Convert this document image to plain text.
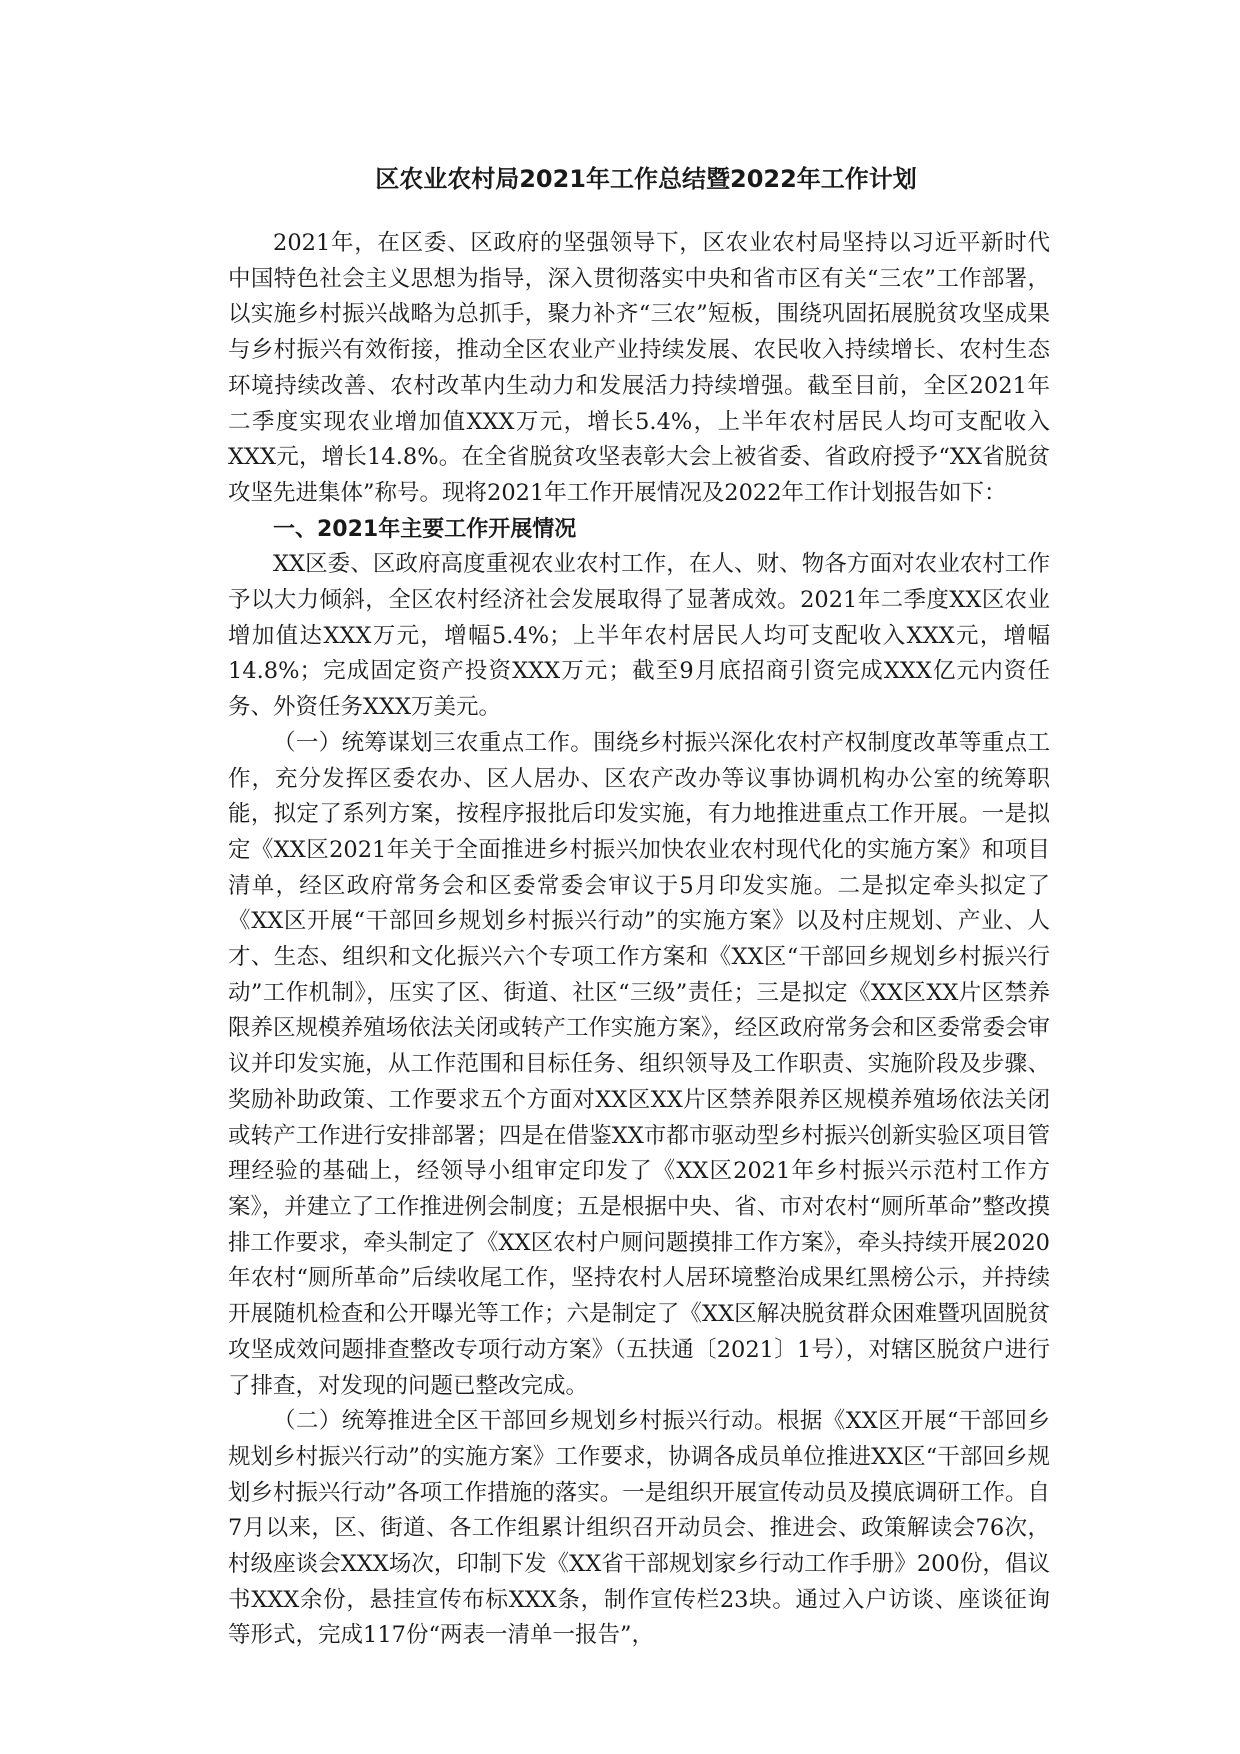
区农业农村局2021年工作总结暨2022年工作计划

2021年，在区委、区政府的坚强领导下，区农业农村局坚持以习近平新时代中国特色社会主义思想为指导，深入贯彻落实中央和省市区有关“三农”工作部署，以实施乡村振兴战略为总抓手，聚力补齐“三农”短板，围绕巩固拓展脱贫攻坚成果与乡村振兴有效衔接，推动全区农业产业持续发展、农民收入持续增长、农村生态环境持续改善、农村改革内生动力和发展活力持续增强。截至目前，全区2021年二季度实现农业增加值XXX万元，增长5.4%，上半年农村居民人均可支配收入XXX元，增长14.8%。在全省脱贫攻坚表彰大会上被省委、省政府授予“XX省脱贫攻坚先进集体”称号。现将2021年工作开展情况及2022年工作计划报告如下：

一、2021年主要工作开展情况

XX区委、区政府高度重视农业农村工作，在人、财、物各方面对农业农村工作予以大力倾斜，全区农村经济社会发展取得了显著成效。2021年二季度XX区农业增加值达XXX万元，增幅5.4%；上半年农村居民人均可支配收入XXX元，增幅14.8%；完成固定资产投资XXX万元；截至9月底招商引资完成XXX亿元内资任务、外资任务XXX万美元。

（一）统筹谋划三农重点工作。围绕乡村振兴深化农村产权制度改革等重点工作，充分发挥区委农办、区人居办、区农产改办等议事协调机构办公室的统筹职能，拟定了系列方案，按程序报批后印发实施，有力地推进重点工作开展。一是拟定《XX区2021年关于全面推进乡村振兴加快农业农村现代化的实施方案》和项目清单，经区政府常务会和区委常委会审议于5月印发实施。二是拟定牵头拟定了《XX区开展“干部回乡规划乡村振兴行动”的实施方案》以及村庄规划、产业、人才、生态、组织和文化振兴六个专项工作方案和《XX区“干部回乡规划乡村振兴行动”工作机制》，压实了区、街道、社区“三级”责任；三是拟定《XX区XX片区禁养限养区规模养殖场依法关闭或转产工作实施方案》，经区政府常务会和区委常委会审议并印发实施，从工作范围和目标任务、组织领导及工作职责、实施阶段及步骤、奖励补助政策、工作要求五个方面对XX区XX片区禁养限养区规模养殖场依法关闭或转产工作进行安排部署；四是在借鉴XX市都市驱动型乡村振兴创新实验区项目管理经验的基础上，经领导小组审定印发了《XX区2021年乡村振兴示范村工作方案》，并建立了工作推进例会制度；五是根据中央、省、市对农村“厕所革命”整改摸排工作要求，牵头制定了《XX区农村户厕问题摸排工作方案》，牵头持续开展2020年农村“厕所革命”后续收尾工作，坚持农村人居环境整治成果红黑榜公示，并持续开展随机检查和公开曝光等工作；六是制定了《XX区解决脱贫群众困难暨巩固脱贫攻坚成效问题排查整改专项行动方案》（五扶通〔2021〕1号），对辖区脱贫户进行了排查，对发现的问题已整改完成。

（二）统筹推进全区干部回乡规划乡村振兴行动。根据《XX区开展“干部回乡规划乡村振兴行动”的实施方案》工作要求，协调各成员单位推进XX区“干部回乡规划乡村振兴行动”各项工作措施的落实。一是组织开展宣传动员及摸底调研工作。自7月以来，区、街道、各工作组累计组织召开动员会、推进会、政策解读会76次，村级座谈会XXX场次，印制下发《XX省干部规划家乡行动工作手册》200份，倡议书XXX余份，悬挂宣传布标XXX条，制作宣传栏23块。通过入户访谈、座谈征询等形式，完成117份“两表一清单一报告”，
